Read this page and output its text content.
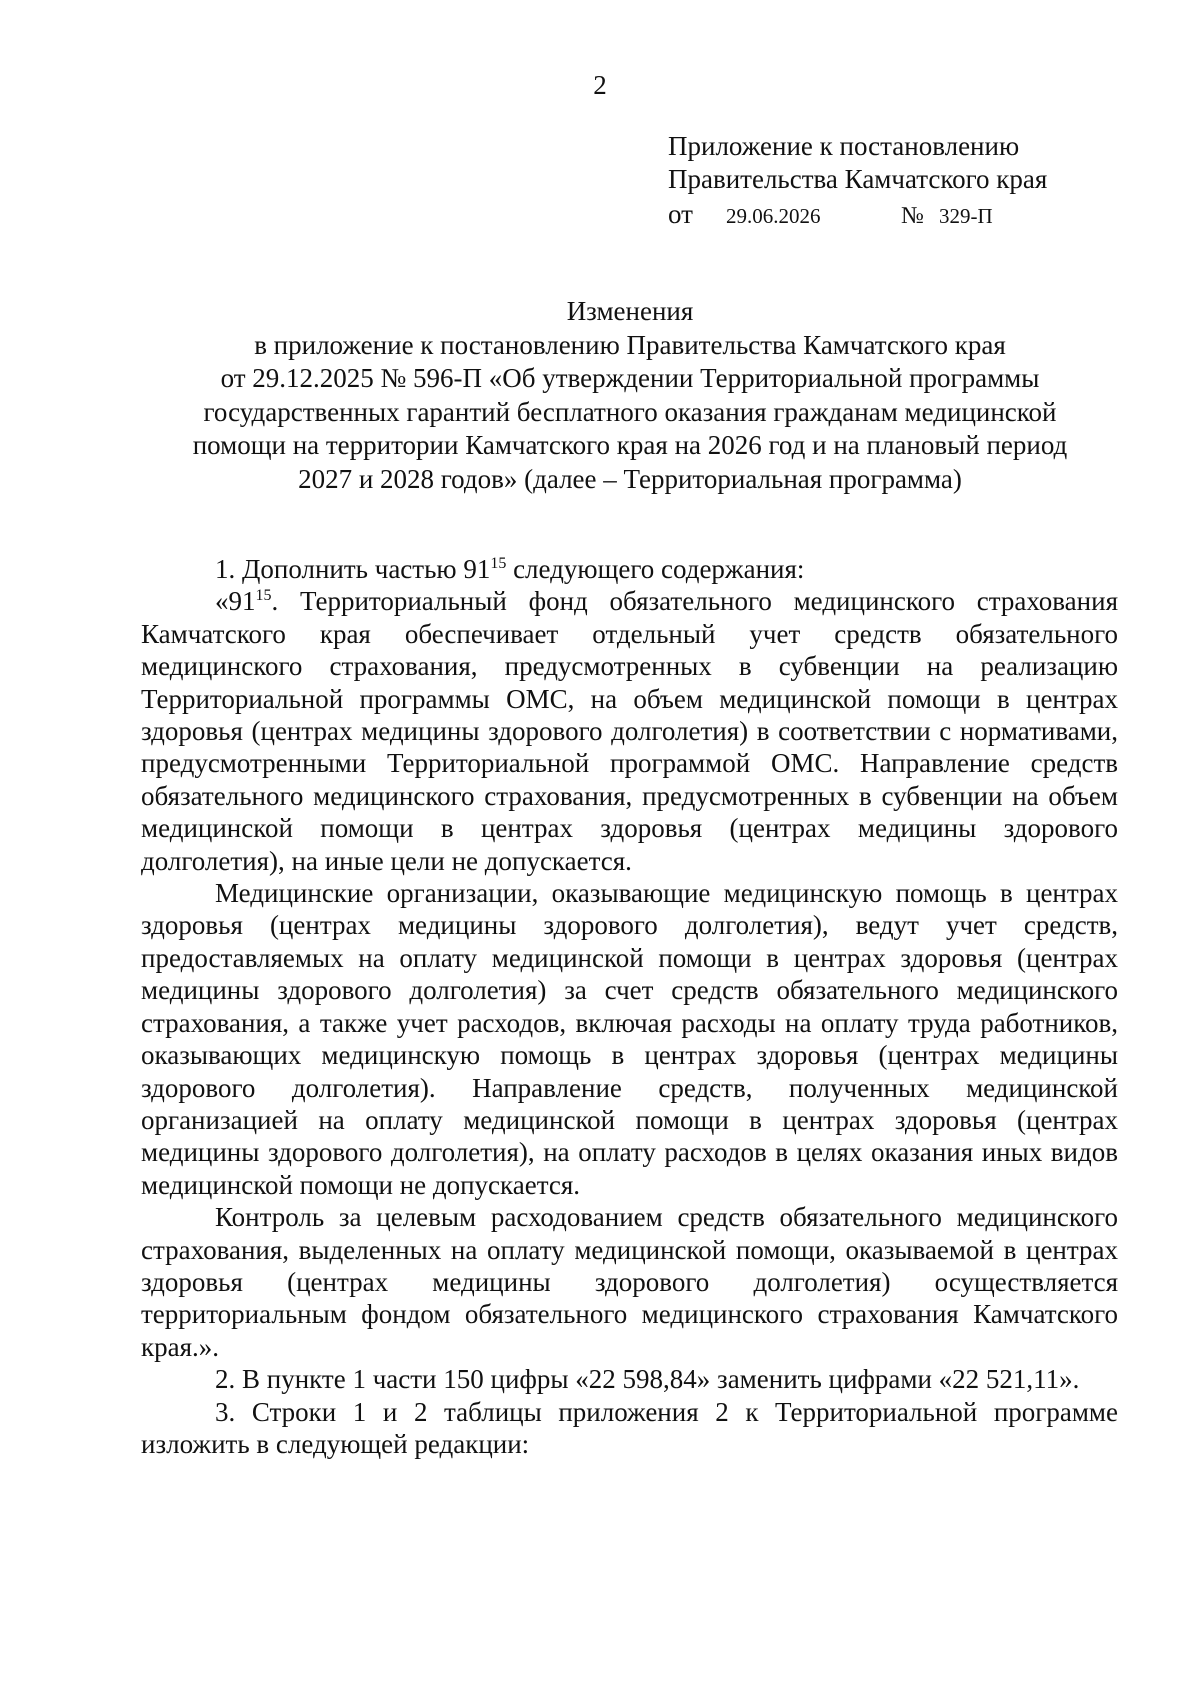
2
Приложение к постановлению
Правительства Камчатского края
от 29.06.2026	№ 329-П
Изменения
в приложение к постановлению Правительства Камчатского края
от 29.12.2025 № 596-П «Об утверждении Территориальной программы
государственных гарантий бесплатного оказания гражданам медицинской
помощи на территории Камчатского края на 2026 год и на плановый период
2027 и 2028 годов» (далее – Территориальная программа)

1. Дополнить частью $91^{15}$ следующего содержания:

«$91^{15}$. Территориальный фонд обязательного медицинского страхования Камчатского края обеспечивает отдельный учет средств обязательного медицинского страхования, предусмотренных в субвенции на реализацию Территориальной программы ОМС, на объем медицинской помощи в центрах здоровья (центрах медицины здорового долголетия) в соответствии с нормативами, предусмотренными Территориальной программой ОМС. Направление средств обязательного медицинского страхования, предусмотренных в субвенции на объем медицинской помощи в центрах здоровья (центрах медицины здорового долголетия), на иные цели не допускается.

Медицинские организации, оказывающие медицинскую помощь в центрах здоровья (центрах медицины здорового долголетия), ведут учет средств, предоставляемых на оплату медицинской помощи в центрах здоровья (центрах медицины здорового долголетия) за счет средств обязательного медицинского страхования, а также учет расходов, включая расходы на оплату труда работников, оказывающих медицинскую помощь в центрах здоровья (центрах медицины здорового долголетия). Направление средств, полученных медицинской организацией на оплату медицинской помощи в центрах здоровья (центрах медицины здорового долголетия), на оплату расходов в целях оказания иных видов медицинской помощи не допускается.

Контроль за целевым расходованием средств обязательного медицинского страхования, выделенных на оплату медицинской помощи, оказываемой в центрах здоровья (центрах медицины здорового долголетия) осуществляется территориальным фондом обязательного медицинского страхования Камчатского края.».

2. В пункте 1 части 150 цифры «22 598,84» заменить цифрами «22 521,11».

3. Строки 1 и 2 таблицы приложения 2 к Территориальной программе изложить в следующей редакции:
